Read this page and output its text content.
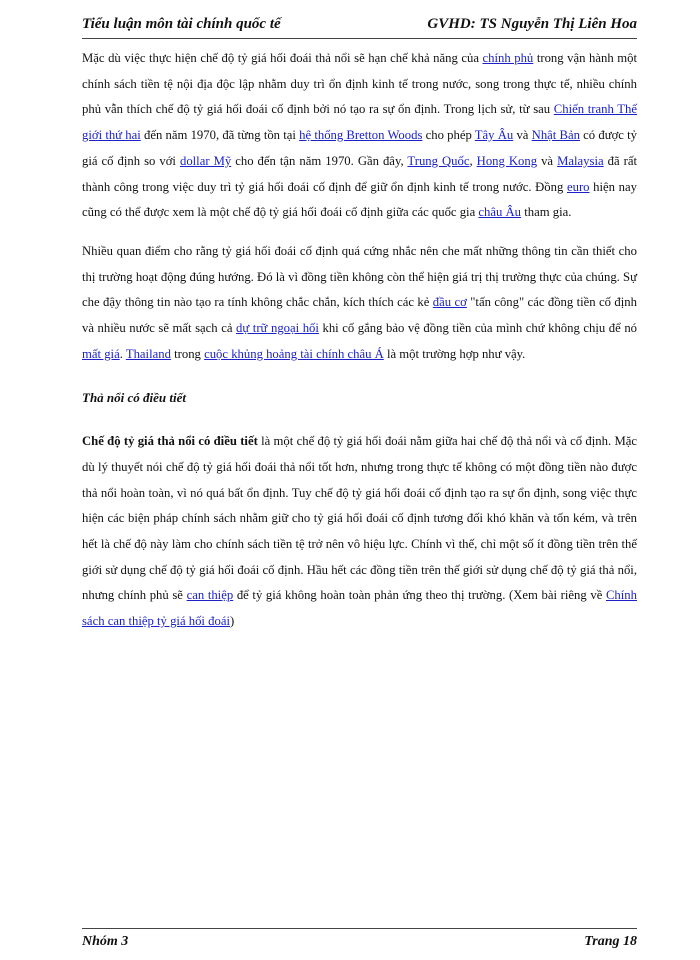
Tiểu luận môn tài chính quốc tế	GVHD: TS Nguyễn Thị Liên Hoa

Mặc dù việc thực hiện chế độ tỷ giá hối đoái thả nổi sẽ hạn chế khả năng của chính phủ trong vận hành một chính sách tiền tệ nội địa độc lập nhằm duy trì ổn định kinh tế trong nước, song trong thực tế, nhiều chính phủ vẫn thích chế độ tỷ giá hối đoái cố định bởi nó tạo ra sự ổn định. Trong lịch sử, từ sau Chiến tranh Thế giới thứ hai đến năm 1970, đã từng tồn tại hệ thống Bretton Woods cho phép Tây Âu và Nhật Bản có được tỷ giá cố định so với dollar Mỹ cho đến tận năm 1970. Gần đây, Trung Quốc, Hong Kong và Malaysia đã rất thành công trong việc duy trì tỷ giá hối đoái cố định để giữ ổn định kinh tế trong nước. Đồng euro hiện nay cũng có thể được xem là một chế độ tỷ giá hối đoái cố định giữa các quốc gia châu Âu tham gia.

Nhiều quan điểm cho rằng tỷ giá hối đoái cố định quá cứng nhắc nên che mất những thông tin cần thiết cho thị trường hoạt động đúng hướng. Đó là vì đồng tiền không còn thể hiện giá trị thị trường thực của chúng. Sự che đậy thông tin nào tạo ra tính không chắc chắn, kích thích các kẻ đầu cơ "tấn công" các đồng tiền cố định và nhiều nước sẽ mất sạch cả dự trữ ngoại hối khi cố gắng bảo vệ đồng tiền của mình chứ không chịu để nó mất giá. Thailand trong cuộc khủng hoảng tài chính châu Á là một trường hợp như vậy.

Thả nổi có điều tiết

Chế độ tỷ giá thả nổi có điều tiết là một chế độ tỷ giá hối đoái nằm giữa hai chế độ thả nổi và cố định. Mặc dù lý thuyết nói chế độ tỷ giá hối đoái thả nổi tốt hơn, nhưng trong thực tế không có một đồng tiền nào được thả nổi hoàn toàn, vì nó quá bất ổn định. Tuy chế độ tỷ giá hối đoái cố định tạo ra sự ổn định, song việc thực hiện các biện pháp chính sách nhằm giữ cho tỷ giá hối đoái cố định tương đối khó khăn và tốn kém, và trên hết là chế độ này làm cho chính sách tiền tệ trở nên vô hiệu lực. Chính vì thế, chỉ một số ít đồng tiền trên thế giới sử dụng chế độ tỷ giá hối đoái cố định. Hầu hết các đồng tiền trên thế giới sử dụng chế độ tỷ giá thả nổi, nhưng chính phủ sẽ can thiệp để tỷ giá không hoàn toàn phản ứng theo thị trường. (Xem bài riêng về Chính sách can thiệp tỷ giá hối đoái)

Nhóm 3	Trang 18
